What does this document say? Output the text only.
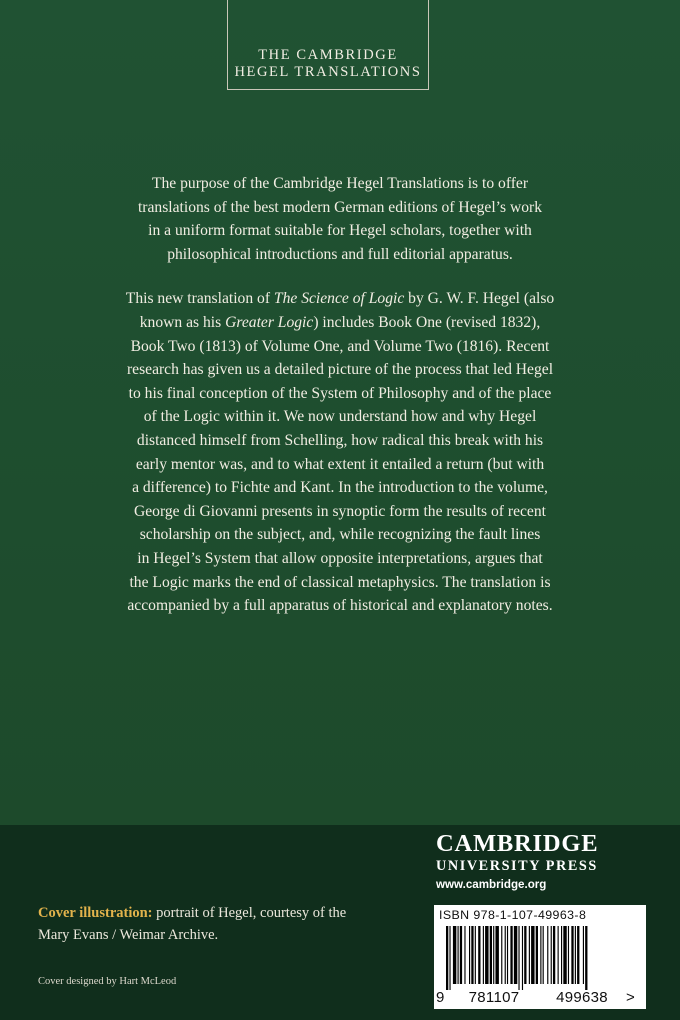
THE CAMBRIDGE
HEGEL TRANSLATIONS

The purpose of the Cambridge Hegel Translations is to offer
translations of the best modern German editions of Hegel’s work
in a uniform format suitable for Hegel scholars, together with
philosophical introductions and full editorial apparatus.

This new translation of The Science of Logic by G. W. F. Hegel (also
known as his Greater Logic) includes Book One (revised 1832),
Book Two (1813) of Volume One, and Volume Two (1816). Recent
research has given us a detailed picture of the process that led Hegel
to his final conception of the System of Philosophy and of the place
of the Logic within it. We now understand how and why Hegel
distanced himself from Schelling, how radical this break with his
early mentor was, and to what extent it entailed a return (but with
a difference) to Fichte and Kant. In the introduction to the volume,
George di Giovanni presents in synoptic form the results of recent
scholarship on the subject, and, while recognizing the fault lines
in Hegel’s System that allow opposite interpretations, argues that
the Logic marks the end of classical metaphysics. The translation is
accompanied by a full apparatus of historical and explanatory notes.

Cover illustration: portrait of Hegel, courtesy of the
Mary Evans / Weimar Archive.
Cover designed by Hart McLeod
CAMBRIDGE
UNIVERSITY PRESS
www.cambridge.org
ISBN 978-1-107-49963-8
9 781107 499638 >
